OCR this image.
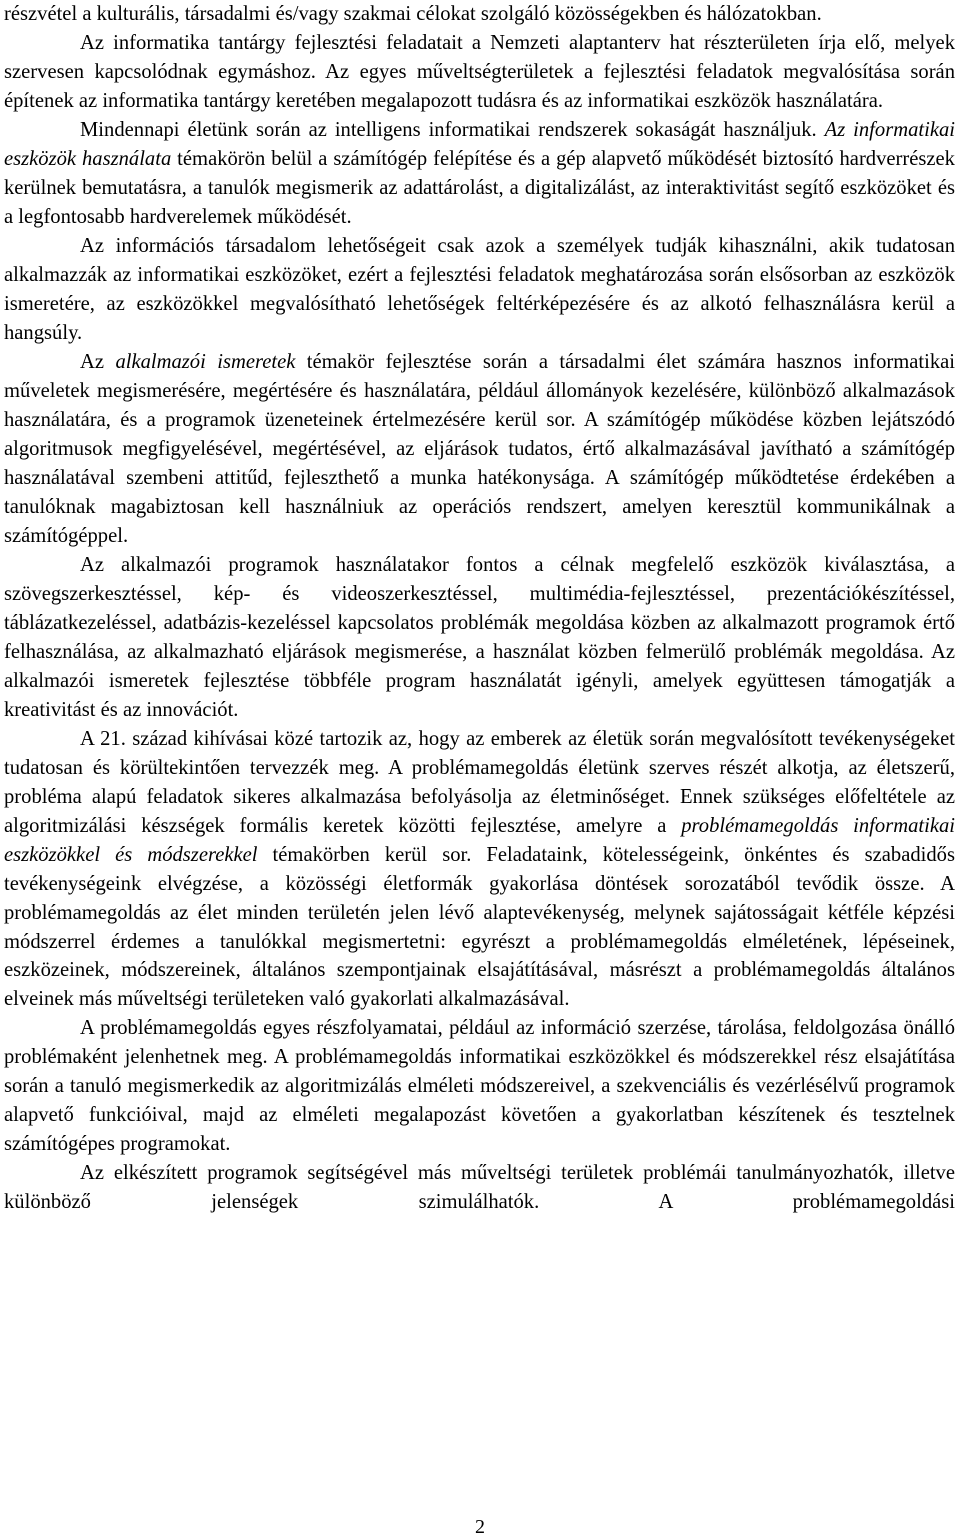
részvétel a kulturális, társadalmi és/vagy szakmai célokat szolgáló közösségekben és hálózatokban.

Az informatika tantárgy fejlesztési feladatait a Nemzeti alaptanterv hat részterületen írja elő, melyek szervesen kapcsolódnak egymáshoz. Az egyes műveltségterületek a fejlesztési feladatok megvalósítása során építenek az informatika tantárgy keretében megalapozott tudásra és az informatikai eszközök használatára.

Mindennapi életünk során az intelligens informatikai rendszerek sokaságát használjuk. Az informatikai eszközök használata témakörön belül a számítógép felépítése és a gép alapvető működését biztosító hardverrészek kerülnek bemutatásra, a tanulók megismerik az adattárolást, a digitalizálást, az interaktivitást segítő eszközöket és a legfontosabb hardverelemek működését.

Az információs társadalom lehetőségeit csak azok a személyek tudják kihasználni, akik tudatosan alkalmazzák az informatikai eszközöket, ezért a fejlesztési feladatok meghatározása során elsősorban az eszközök ismeretére, az eszközökkel megvalósítható lehetőségek feltérképezésére és az alkotó felhasználásra kerül a hangsúly.

Az alkalmazói ismeretek témakör fejlesztése során a társadalmi élet számára hasznos informatikai műveletek megismerésére, megértésére és használatára, például állományok kezelésére, különböző alkalmazások használatára, és a programok üzeneteinek értelmezésére kerül sor. A számítógép működése közben lejátszódó algoritmusok megfigyelésével, megértésével, az eljárások tudatos, értő alkalmazásával javítható a számítógép használatával szembeni attitűd, fejleszthető a munka hatékonysága. A számítógép működtetése érdekében a tanulóknak magabiztosan kell használniuk az operációs rendszert, amelyen keresztül kommunikálnak a számítógéppel.

Az alkalmazói programok használatakor fontos a célnak megfelelő eszközök kiválasztása, a szövegszerkesztéssel, kép- és videoszerkesztéssel, multimédia-fejlesztéssel, prezentációkészítéssel, táblázatkezeléssel, adatbázis-kezeléssel kapcsolatos problémák megoldása közben az alkalmazott programok értő felhasználása, az alkalmazható eljárások megismerése, a használat közben felmerülő problémák megoldása. Az alkalmazói ismeretek fejlesztése többféle program használatát igényli, amelyek együttesen támogatják a kreativitást és az innovációt.

A 21. század kihívásai közé tartozik az, hogy az emberek az életük során megvalósított tevékenységeket tudatosan és körültekintően tervezzék meg. A problémamegoldás életünk szerves részét alkotja, az életszerű, probléma alapú feladatok sikeres alkalmazása befolyásolja az életminőséget. Ennek szükséges előfeltétele az algoritmizálási készségek formális keretek közötti fejlesztése, amelyre a problémamegoldás informatikai eszközökkel és módszerekkel témakörben kerül sor. Feladataink, kötelességeink, önkéntes és szabadidős tevékenységeink elvégzése, a közösségi életformák gyakorlása döntések sorozatából tevődik össze. A problémamegoldás az élet minden területén jelen lévő alaptevékenység, melynek sajátosságait kétféle képzési módszerrel érdemes a tanulókkal megismertetni: egyrészt a problémamegoldás elméletének, lépéseinek, eszközeinek, módszereinek, általános szempontjainak elsajátításával, másrészt a problémamegoldás általános elveinek más műveltségi területeken való gyakorlati alkalmazásával.

A problémamegoldás egyes részfolyamatai, például az információ szerzése, tárolása, feldolgozása önálló problémaként jelenhetnek meg. A problémamegoldás informatikai eszközökkel és módszerekkel rész elsajátítása során a tanuló megismerkedik az algoritmizálás elméleti módszereivel, a szekvenciális és vezérlésélvű programok alapvető funkcióival, majd az elméleti megalapozást követően a gyakorlatban készítenek és tesztelnek számítógépes programokat.

Az elkészített programok segítségével más műveltségi területek problémái tanulmányozhatók, illetve különböző jelenségek szimulálhatók. A problémamegoldási

2
